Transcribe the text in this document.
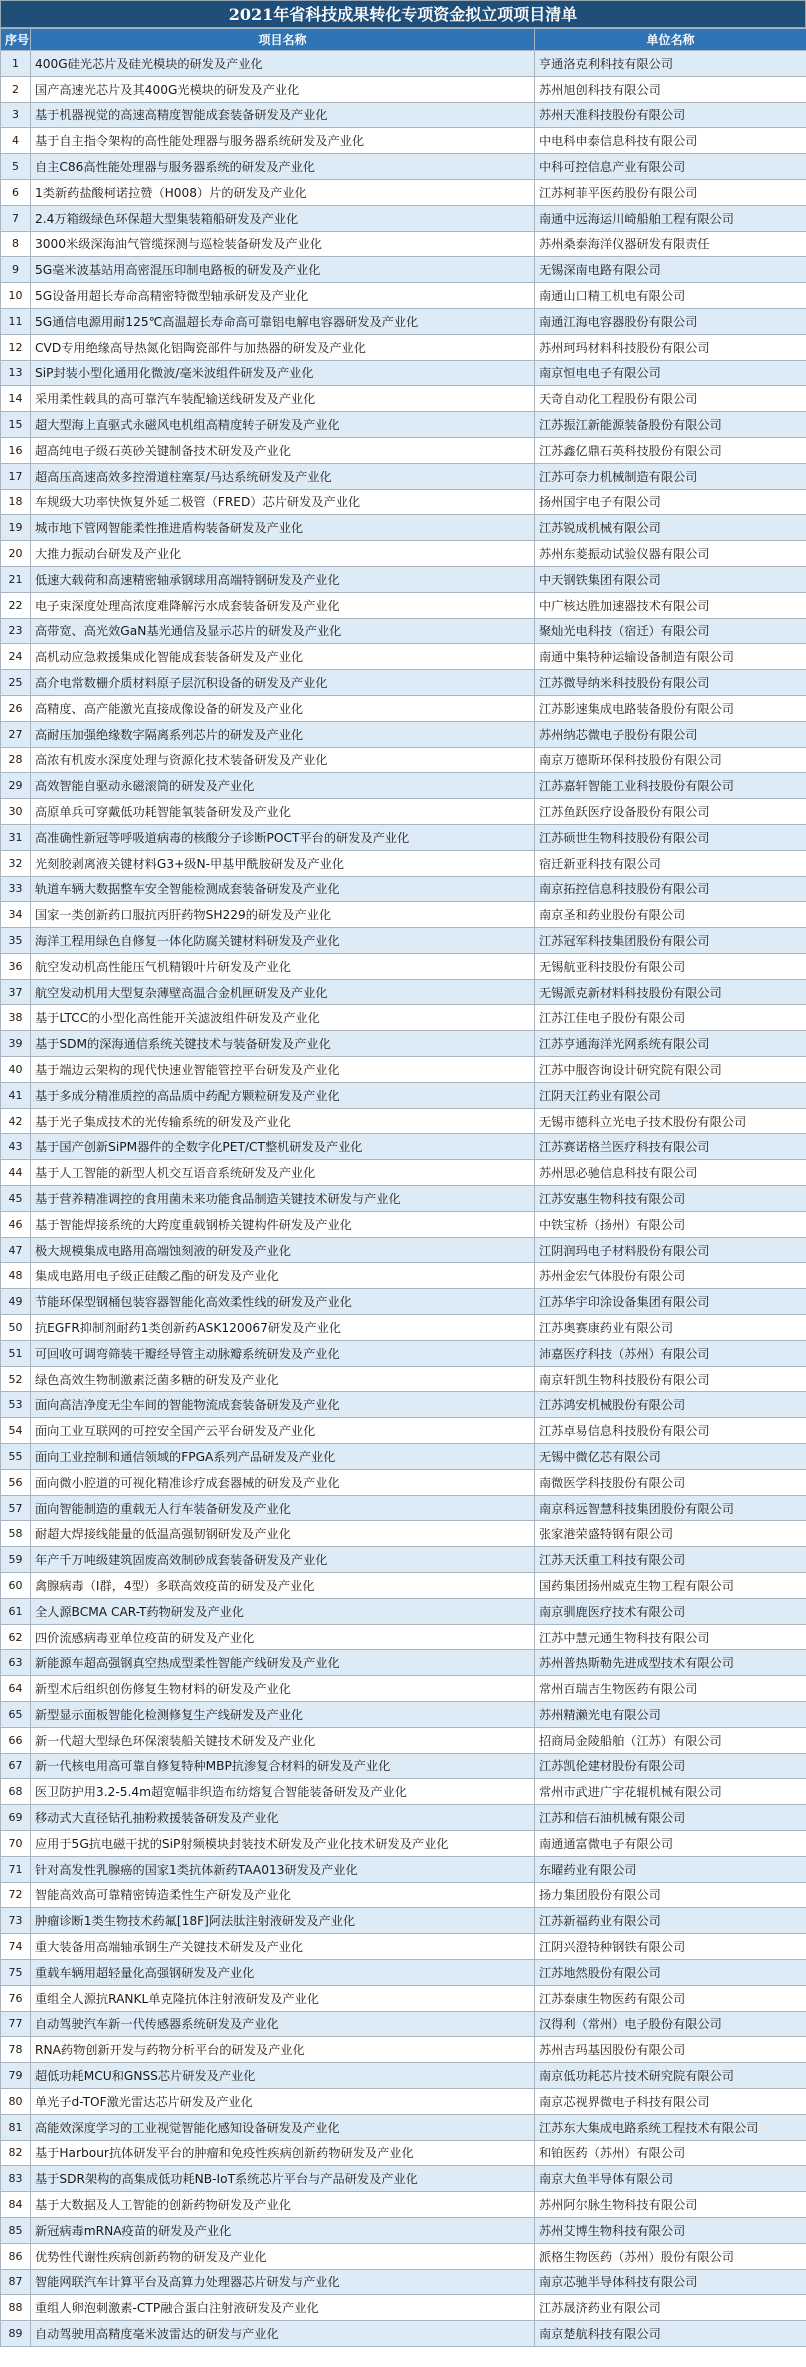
2021年省科技成果转化专项资金拟立项项目清单
序号	项目名称	单位名称
1	400G硅光芯片及硅光模块的研发及产业化	亨通洛克利科技有限公司
2	国产高速光芯片及其400G光模块的研发及产业化	苏州旭创科技有限公司
3	基于机器视觉的高速高精度智能成套装备研发及产业化	苏州天准科技股份有限公司
4	基于自主指令架构的高性能处理器与服务器系统研发及产业化	中电科申泰信息科技有限公司
5	自主C86高性能处理器与服务器系统的研发及产业化	中科可控信息产业有限公司
6	1类新药盐酸柯诺拉赞（H008）片的研发及产业化	江苏柯菲平医药股份有限公司
7	2.4万箱级绿色环保超大型集装箱船研发及产业化	南通中远海运川崎船舶工程有限公司
8	3000米级深海油气管缆探测与巡检装备研发及产业化	苏州桑泰海洋仪器研发有限责任
9	5G毫米波基站用高密混压印制电路板的研发及产业化	无锡深南电路有限公司
10	5G设备用超长寿命高精密特微型轴承研发及产业化	南通山口精工机电有限公司
11	5G通信电源用耐125℃高温超长寿命高可靠铝电解电容器研发及产业化	南通江海电容器股份有限公司
12	CVD专用绝缘高导热氮化铝陶瓷部件与加热器的研发及产业化	苏州珂玛材料科技股份有限公司
13	SiP封装小型化通用化微波/毫米波组件研发及产业化	南京恒电电子有限公司
14	采用柔性载具的高可靠汽车装配输送线研发及产业化	天奇自动化工程股份有限公司
15	超大型海上直驱式永磁风电机组高精度转子研发及产业化	江苏振江新能源装备股份有限公司
16	超高纯电子级石英砂关键制备技术研发及产业化	江苏鑫亿鼎石英科技股份有限公司
17	超高压高速高效多控滑道柱塞泵/马达系统研发及产业化	江苏可奈力机械制造有限公司
18	车规级大功率快恢复外延二极管（FRED）芯片研发及产业化	扬州国宇电子有限公司
19	城市地下管网智能柔性推进盾构装备研发及产业化	江苏锐成机械有限公司
20	大推力振动台研发及产业化	苏州东菱振动试验仪器有限公司
21	低速大载荷和高速精密轴承钢球用高端特钢研发及产业化	中天钢铁集团有限公司
22	电子束深度处理高浓度难降解污水成套装备研发及产业化	中广核达胜加速器技术有限公司
23	高带宽、高光效GaN基光通信及显示芯片的研发及产业化	聚灿光电科技（宿迁）有限公司
24	高机动应急救援集成化智能成套装备研发及产业化	南通中集特种运输设备制造有限公司
25	高介电常数栅介质材料原子层沉积设备的研发及产业化	江苏微导纳米科技股份有限公司
26	高精度、高产能激光直接成像设备的研发及产业化	江苏影速集成电路装备股份有限公司
27	高耐压加强绝缘数字隔离系列芯片的研发及产业化	苏州纳芯微电子股份有限公司
28	高浓有机废水深度处理与资源化技术装备研发及产业化	南京万德斯环保科技股份有限公司
29	高效智能自驱动永磁滚筒的研发及产业化	江苏嘉轩智能工业科技股份有限公司
30	高原单兵可穿戴低功耗智能氧装备研发及产业化	江苏鱼跃医疗设备股份有限公司
31	高准确性新冠等呼吸道病毒的核酸分子诊断POCT平台的研发及产业化	江苏硕世生物科技股份有限公司
32	光刻胶剥离液关键材料G3+级N-甲基甲酰胺研发及产业化	宿迁新亚科技有限公司
33	轨道车辆大数据整车安全智能检测成套装备研发及产业化	南京拓控信息科技股份有限公司
34	国家一类创新药口服抗丙肝药物SH229的研发及产业化	南京圣和药业股份有限公司
35	海洋工程用绿色自修复一体化防腐关键材料研发及产业化	江苏冠军科技集团股份有限公司
36	航空发动机高性能压气机精锻叶片研发及产业化	无锡航亚科技股份有限公司
37	航空发动机用大型复杂薄壁高温合金机匣研发及产业化	无锡派克新材料科技股份有限公司
38	基于LTCC的小型化高性能开关滤波组件研发及产业化	江苏江佳电子股份有限公司
39	基于SDM的深海通信系统关键技术与装备研发及产业化	江苏亨通海洋光网系统有限公司
40	基于端边云架构的现代快速业智能管控平台研发及产业化	江苏中服咨询设计研究院有限公司
41	基于多成分精准质控的高品质中药配方颗粒研发及产业化	江阴天江药业有限公司
42	基于光子集成技术的光传输系统的研发及产业化	无锡市德科立光电子技术股份有限公司
43	基于国产创新SiPM器件的全数字化PET/CT整机研发及产业化	江苏赛诺格兰医疗科技有限公司
44	基于人工智能的新型人机交互语音系统研发及产业化	苏州思必驰信息科技有限公司
45	基于营养精准调控的食用菌未来功能食品制造关键技术研发与产业化	江苏安惠生物科技有限公司
46	基于智能焊接系统的大跨度重载钢桥关键构件研发及产业化	中铁宝桥（扬州）有限公司
47	极大规模集成电路用高端蚀刻液的研发及产业化	江阴润玛电子材料股份有限公司
48	集成电路用电子级正硅酸乙酯的研发及产业化	苏州金宏气体股份有限公司
49	节能环保型钢桶包装容器智能化高效柔性线的研发及产业化	江苏华宇印涂设备集团有限公司
50	抗EGFR抑制剂耐药1类创新药ASK120067研发及产业化	江苏奥赛康药业有限公司
51	可回收可调弯筛装干瓣经导管主动脉瓣系统研发及产业化	沛嘉医疗科技（苏州）有限公司
52	绿色高效生物制激素泛菌多糖的研发及产业化	南京轩凯生物科技股份有限公司
53	面向高洁净度无尘车间的智能物流成套装备研发及产业化	江苏鸿安机械股份有限公司
54	面向工业互联网的可控安全国产云平台研发及产业化	江苏卓易信息科技股份有限公司
55	面向工业控制和通信领域的FPGA系列产品研发及产业化	无锡中微亿芯有限公司
56	面向微小腔道的可视化精准诊疗成套器械的研发及产业化	南微医学科技股份有限公司
57	面向智能制造的重载无人行车装备研发及产业化	南京科远智慧科技集团股份有限公司
58	耐超大焊接线能量的低温高强韧钢研发及产业化	张家港荣盛特钢有限公司
59	年产千万吨级建筑固废高效制砂成套装备研发及产业化	江苏天沃重工科技有限公司
60	禽腺病毒（I群，4型）多联高效疫苗的研发及产业化	国药集团扬州威克生物工程有限公司
61	全人源BCMA CAR-T药物研发及产业化	南京驯鹿医疗技术有限公司
62	四价流感病毒亚单位疫苗的研发及产业化	江苏中慧元通生物科技有限公司
63	新能源车超高强钢真空热成型柔性智能产线研发及产业化	苏州普热斯勒先进成型技术有限公司
64	新型术后组织创伤修复生物材料的研发及产业化	常州百瑞吉生物医药有限公司
65	新型显示面板智能化检测修复生产线研发及产业化	苏州精濑光电有限公司
66	新一代超大型绿色环保滚装船关键技术研发及产业化	招商局金陵船舶（江苏）有限公司
67	新一代核电用高可靠自修复特种MBP抗渗复合材料的研发及产业化	江苏凯伦建材股份有限公司
68	医卫防护用3.2-5.4m超宽幅非织造布纺熔复合智能装备研发及产业化	常州市武进广宇花辊机械有限公司
69	移动式大直径钻孔抽粉救援装备研发及产业化	江苏和信石油机械有限公司
70	应用于5G抗电磁干扰的SiP射频模块封装技术研发及产业化技术研发及产业化	南通通富微电子有限公司
71	针对高发性乳腺癌的国家1类抗体新药TAA013研发及产业化	东曜药业有限公司
72	智能高效高可靠精密铸造柔性生产研发及产业化	扬力集团股份有限公司
73	肿瘤诊断1类生物技术药氟[18F]阿法肽注射液研发及产业化	江苏新福药业有限公司
74	重大装备用高端轴承钢生产关键技术研发及产业化	江阴兴澄特种钢铁有限公司
75	重载车辆用超轻量化高强钢研发及产业化	江苏地然股份有限公司
76	重组全人源抗RANKL单克隆抗体注射液研发及产业化	江苏泰康生物医药有限公司
77	自动驾驶汽车新一代传感器系统研发及产业化	汉得利（常州）电子股份有限公司
78	RNA药物创新开发与药物分析平台的研发及产业化	苏州吉玛基因股份有限公司
79	超低功耗MCU和GNSS芯片研发及产业化	南京低功耗芯片技术研究院有限公司
80	单光子d-TOF激光雷达芯片研发及产业化	南京芯视界微电子科技有限公司
81	高能效深度学习的工业视觉智能化感知设备研发及产业化	江苏东大集成电路系统工程技术有限公司
82	基于Harbour抗体研发平台的肿瘤和免疫性疾病创新药物研发及产业化	和铂医药（苏州）有限公司
83	基于SDR架构的高集成低功耗NB-IoT系统芯片平台与产品研发及产业化	南京大鱼半导体有限公司
84	基于大数据及人工智能的创新药物研发及产业化	苏州阿尔脉生物科技有限公司
85	新冠病毒mRNA疫苗的研发及产业化	苏州艾博生物科技有限公司
86	优势性代谢性疾病创新药物的研发及产业化	派格生物医药（苏州）股份有限公司
87	智能网联汽车计算平台及高算力处理器芯片研发与产业化	南京芯驰半导体科技有限公司
88	重组人卵泡刺激素-CTP融合蛋白注射液研发及产业化	江苏晟济药业有限公司
89	自动驾驶用高精度毫米波雷达的研发与产业化	南京楚航科技有限公司
